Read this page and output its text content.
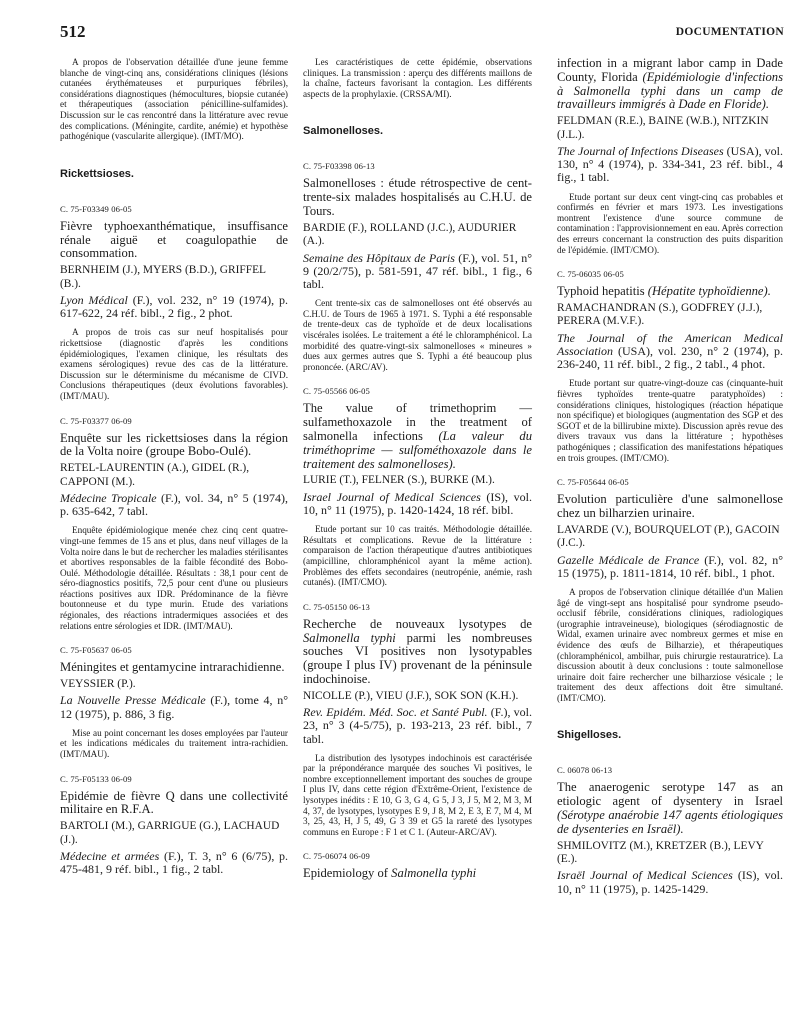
512	DOCUMENTATION

A propos de l'observation détaillée d'une jeune femme blanche de vingt-cinq ans, considérations cliniques (lésions cutanées érythémateuses et purpuriques fébriles), considérations diagnostiques (hémocultures, biopsie cutanée) et thérapeutiques (association pénicilline-sulfamides). Discussion sur le cas rencontré dans la littérature avec revue des complications. (Méningite, cardite, anémie) et hypothèse pathogénique (vascularite allergique). (IMT/MO).

Rickettsioses.
C. 75-F03349 06-05
Fièvre typhoexanthématique, insuffisance rénale aiguë et coagulopathie de consommation.
BERNHEIM (J.), MYERS (B.D.), GRIFFEL (B.).
Lyon Médical (F.), vol. 232, n° 19 (1974), p. 617-622, 24 réf. bibl., 2 fig., 2 phot.

A propos de trois cas sur neuf hospitalisés pour rickettsiose (diagnostic d'après les conditions épidémiologiques, l'examen clinique, les résultats des examens sérologiques) revue des cas de la littérature. Discussion sur le déterminisme du mécanisme de CIVD. Conclusions thérapeutiques (deux évolutions favorables). (IMT/MAU).

C. 75-F03377 06-09
Enquête sur les rickettsioses dans la région de la Volta noire (groupe Bobo-Oulé).
RETEL-LAURENTIN (A.), GIDEL (R.), CAPPONI (M.).
Médecine Tropicale (F.), vol. 34, n° 5 (1974), p. 635-642, 7 tabl.

Enquête épidémiologique menée chez cinq cent quatre-vingt-une femmes de 15 ans et plus, dans neuf villages de la Volta noire dans le but de rechercher les maladies stérilisantes et abortives responsables de la faible fécondité des Bobo-Oulé. Méthodologie détaillée. Résultats : 38,1 pour cent de séro-diagnostics positifs, 72,5 pour cent d'une ou plusieurs réactions positives aux IDR. Prédominance de la fièvre boutonneuse et du type murin. Etude des variations régionales, des réactions intradermiques associées et des relations entre sérologies et IDR. (IMT/MAU).

C. 75-F05637 06-05
Méningites et gentamycine intrarachidienne.
VEYSSIER (P.).
La Nouvelle Presse Médicale (F.), tome 4, n° 12 (1975), p. 886, 3 fig.

Mise au point concernant les doses employées par l'auteur et les indications médicales du traitement intra-rachidien. (IMT/MAU).

C. 75-F05133 06-09
Epidémie de fièvre Q dans une collectivité militaire en R.F.A.
BARTOLI (M.), GARRIGUE (G.), LACHAUD (J.).
Médecine et armées (F.), T. 3, n° 6 (6/75), p. 475-481, 9 réf. bibl., 1 fig., 2 tabl.

Les caractéristiques de cette épidémie, observations cliniques. La transmission : aperçu des différents maillons de la chaîne, facteurs favorisant la contagion. Les différents aspects de la prophylaxie. (CRSSA/MI).

Salmonelloses.
C. 75-F03398 06-13
Salmonelloses : étude rétrospective de cent-trente-six malades hospitalisés au C.H.U. de Tours.
BARDIE (F.), ROLLAND (J.C.), AUDURIER (A.).
Semaine des Hôpitaux de Paris (F.), vol. 51, n° 9 (20/2/75), p. 581-591, 47 réf. bibl., 1 fig., 6 tabl.

Cent trente-six cas de salmonelloses ont été observés au C.H.U. de Tours de 1965 à 1971. S. Typhi a été responsable de trente-deux cas de typhoïde et de deux localisations viscérales isolées. Le traitement a été le chloramphénicol. La morbidité des quatre-vingt-six salmonelloses « mineures » dues aux germes autres que S. Typhi a été beaucoup plus prononcée. (ARC/AV).

C. 75-05566 06-05
The value of trimethoprim — sulfamethoxazole in the treatment of salmonella infections (La valeur du triméthoprime — sulfométhoxazole dans le traitement des salmonelloses).
LURIE (T.), FELNER (S.), BURKE (M.).
Israel Journal of Medical Sciences (IS), vol. 10, n° 11 (1975), p. 1420-1424, 18 réf. bibl.

Etude portant sur 10 cas traités. Méthodologie détaillée. Résultats et complications. Revue de la littérature : comparaison de l'action thérapeutique d'autres antibiotiques (ampicilline, chloramphénicol ayant la même action). Problèmes des effets secondaires (neutropénie, anémie, rash cutanés). (IMT/CMO).

C. 75-05150 06-13
Recherche de nouveaux lysotypes de Salmonella typhi parmi les nombreuses souches VI positives non lysotypables (groupe I plus IV) provenant de la péninsule indochinoise.
NICOLLE (P.), VIEU (J.F.), SOK SON (K.H.).
Rev. Epidém. Méd. Soc. et Santé Publ. (F.), vol. 23, n° 3 (4-5/75), p. 193-213, 23 réf. bibl., 7 tabl.

La distribution des lysotypes indochinois est caractérisée par la prépondérance marquée des souches Vi positives, le nombre exceptionnellement important des souches de groupe I plus IV, dans cette région d'Extrême-Orient, l'existence de lysotypes inédits : E 10, G 3, G 4, G 5, J 3, J 5, M 2, M 3, M 4, 37, de lysotypes, lysotypes E 9, J 8, M 2, E 3, E 7, M 4, M 3, 25, 43, H, J 5, 49, G 3 39 et G5 la rareté des lysotypes communs en Europe : F 1 et C 1. (Auteur-ARC/AV).

C. 75-06074 06-09
Epidemiology of Salmonella typhi
infection in a migrant labor camp in Dade County, Florida (Epidémiologie d'infections à Salmonella typhi dans un camp de travailleurs immigrés à Dade en Floride).
FELDMAN (R.E.), BAINE (W.B.), NITZKIN (J.L.).
The Journal of Infections Diseases (USA), vol. 130, n° 4 (1974), p. 334-341, 23 réf. bibl., 4 fig., 1 tabl.

Etude portant sur deux cent vingt-cinq cas probables et confirmés en février et mars 1973. Les investigations montrent l'existence d'une source commune de contamination : l'approvisionnement en eau. Après correction des erreurs concernant la construction des puits disparition de l'épidémie. (IMT/CMO).

C. 75-06035 06-05
Typhoid hepatitis (Hépatite typhoïdienne).
RAMACHANDRAN (S.), GODFREY (J.J.), PERERA (M.V.F.).
The Journal of the American Medical Association (USA), vol. 230, n° 2 (1974), p. 236-240, 11 réf. bibl., 2 fig., 2 tabl., 4 phot.

Etude portant sur quatre-vingt-douze cas (cinquante-huit fièvres typhoïdes trente-quatre paratyphoïdes) : considérations cliniques, histologiques (réaction hépatique non spécifique) et biologiques (augmentation des SGP et des SGOT et de la billirubine mixte). Discussion après revue des divers travaux vus dans la littérature ; hypothèses pathogéniques ; classification des manifestations hépatiques en trois groupes. (IMT/CMO).

C. 75-F05644 06-05
Evolution particulière d'une salmonellose chez un bilharzien urinaire.
LAVARDE (V.), BOURQUELOT (P.), GACOIN (J.C.).
Gazelle Médicale de France (F.), vol. 82, n° 15 (1975), p. 1811-1814, 10 réf. bibl., 1 phot.

A propos de l'observation clinique détaillée d'un Malien âgé de vingt-sept ans hospitalisé pour syndrome pseudo-occlusif fébrile, considérations cliniques, radiologiques (urographie intraveineuse), biologiques (sérodiagnostic de Widal, examen urinaire avec nombreux germes et mise en évidence des œufs de Bilharzie), et thérapeutiques (chloramphénicol, ambilhar, puis chirurgie restauratrice). La discussion aboutit à deux conclusions : toute salmonellose urinaire doit faire rechercher une bilharziose vésicale ; le traitement des deux affections doit être simultané. (IMT/CMO).

Shigelloses.
C. 06078 06-13
The anaerogenic serotype 147 as an etiologic agent of dysentery in Israel (Sérotype anaérobie 147 agents étiologiques de dysenteries en Israël).
SHMILOVITZ (M.), KRETZER (B.), LEVY (E.).
Israël Journal of Medical Sciences (IS), vol. 10, n° 11 (1975), p. 1425-1429.
